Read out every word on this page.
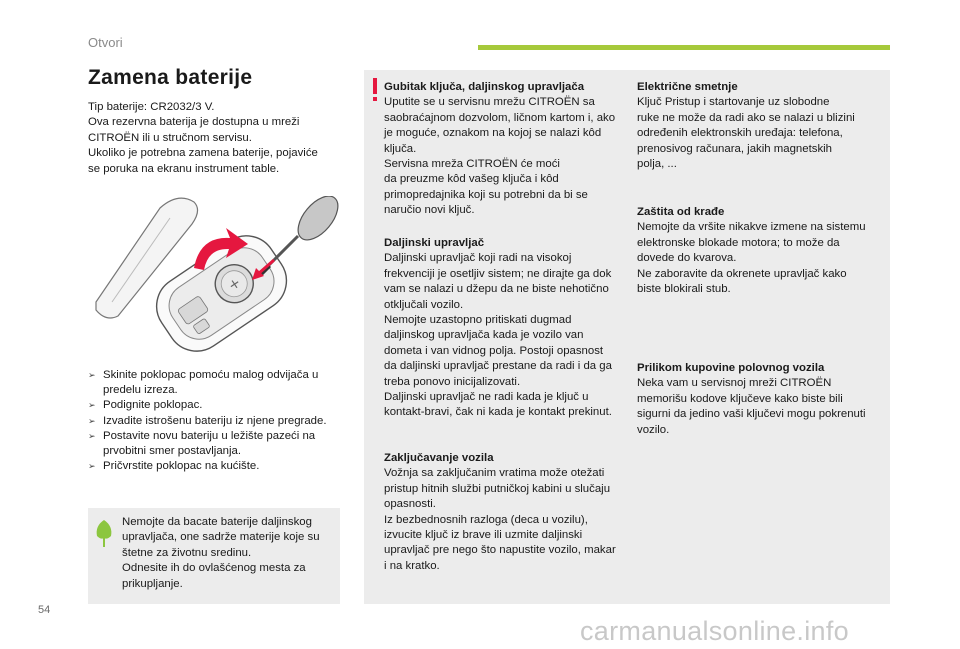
Otvori
Zamena baterije
Tip baterije: CR2032/3 V.
Ova rezervna baterija je dostupna u mreži
CITROËN ili u stručnom servisu.
Ukoliko je potrebna zamena baterije, pojaviće
se poruka na ekranu instrument table.
+
➢ Skinite poklopac pomoću malog odvijača u
predelu izreza.
➢ Podignite poklopac.
➢ Izvadite istrošenu bateriju iz njene pregrade.
➢ Postavite novu bateriju u ležište pazeći na
prvobitni smer postavljanja.
➢ Pričvrstite poklopac na kućište.
Nemojte da bacate baterije daljinskog
upravljača, one sadrže materije koje su
štetne za životnu sredinu.
Odnesite ih do ovlašćenog mesta za
prikupljanje.
Gubitak ključa, daljinskog upravljača
Uputite se u servisnu mrežu CITROËN sa
saobraćajnom dozvolom, ličnom kartom i, ako
je moguće, oznakom na kojoj se nalazi kôd
ključa.
Servisna mreža CITROËN će moći
da preuzme kôd vašeg ključa i kôd
primopredajnika koji su potrebni da bi se
naručio novi ključ.
Daljinski upravljač
Daljinski upravljač koji radi na visokoj
frekvenciji je osetljiv sistem; ne dirajte ga dok
vam se nalazi u džepu da ne biste nehotično
otključali vozilo.
Nemojte uzastopno pritiskati dugmad
daljinskog upravljača kada je vozilo van
dometa i van vidnog polja. Postoji opasnost
da daljinski upravljač prestane da radi i da ga
treba ponovo inicijalizovati.
Daljinski upravljač ne radi kada je ključ u
kontakt-bravi, čak ni kada je kontakt prekinut.
Zaključavanje vozila
Vožnja sa zaključanim vratima može otežati
pristup hitnih službi putničkoj kabini u slučaju
opasnosti.
Iz bezbednosnih razloga (deca u vozilu),
izvucite ključ iz brave ili uzmite daljinski
upravljač pre nego što napustite vozilo, makar
i na kratko.
Električne smetnje
Ključ Pristup i startovanje uz slobodne
ruke ne može da radi ako se nalazi u blizini
određenih elektronskih uređaja: telefona,
prenosivog računara, jakih magnetskih
polja, ...
Zaštita od krađe
Nemojte da vršite nikakve izmene na sistemu
elektronske blokade motora; to može da
dovede do kvarova.
Ne zaboravite da okrenete upravljač kako
biste blokirali stub.
Prilikom kupovine polovnog vozila
Neka vam u servisnoj mreži CITROËN
memorišu kodove ključeve kako biste bili
sigurni da jedino vaši ključevi mogu pokrenuti
vozilo.
54
carmanualsonline.info
